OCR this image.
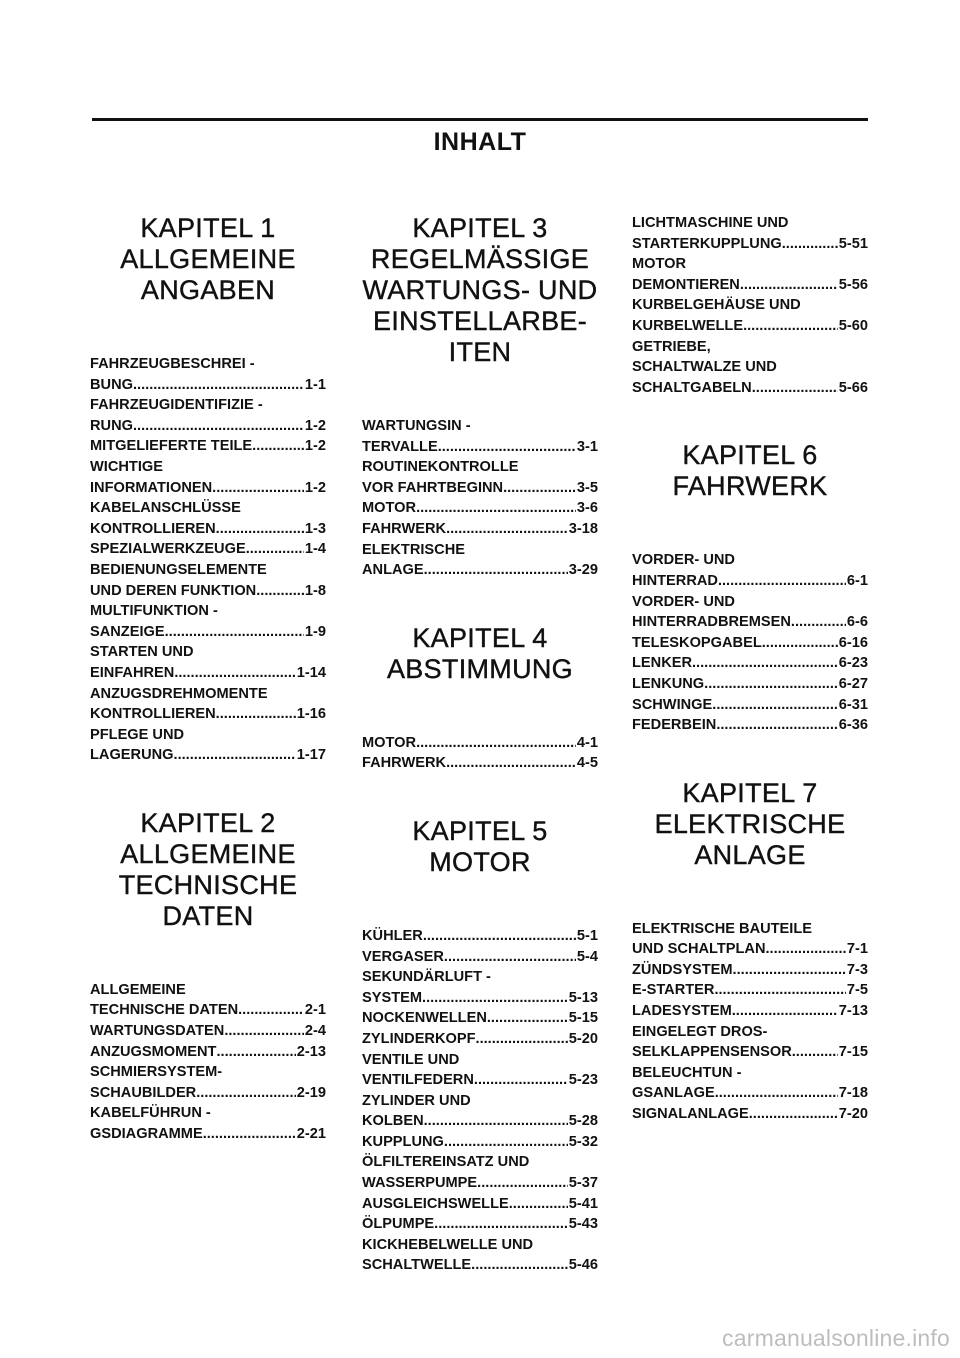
INHALT
KAPITEL 1
ALLGEMEINE
ANGABEN
FAHRZEUGBESCHREI -
BUNG .....	1-1
FAHRZEUGIDENTIFIZIE -
RUNG .....	1-2
MITGELIEFERTE TEILE .....	1-2
WICHTIGE
INFORMATIONEN .....	1-2
KABELANSCHLÜSSE
KONTROLLIEREN .....	1-3
SPEZIALWERKZEUGE .....	1-4
BEDIENUNGSELEMENTE
UND DEREN FUNKTION .....	1-8
MULTIFUNKTION -
SANZEIGE .....	1-9
STARTEN UND
EINFAHREN .....	1-14
ANZUGSDREHMOMENTE
KONTROLLIEREN .....	1-16
PFLEGE UND
LAGERUNG .....	1-17
KAPITEL 2
ALLGEMEINE
TECHNISCHE
DATEN
ALLGEMEINE
TECHNISCHE DATEN .....	2-1
WARTUNGSDATEN .....	2-4
ANZUGSMOMENT .....	2-13
SCHMIERSYSTEM-
SCHAUBILDER .....	2-19
KABELFÜHRUN -
GSDIAGRAMME .....	2-21
KAPITEL 3
REGELMÄSSIGE
WARTUNGS- UND
EINSTELLARBE-
ITEN
WARTUNGSIN -
TERVALLE .....	3-1
ROUTINEKONTROLLE
VOR FAHRTBEGINN .....	3-5
MOTOR .....	3-6
FAHRWERK .....	3-18
ELEKTRISCHE
ANLAGE .....	3-29
KAPITEL 4
ABSTIMMUNG
MOTOR .....	4-1
FAHRWERK .....	4-5
KAPITEL 5
MOTOR
KÜHLER .....	5-1
VERGASER .....	5-4
SEKUNDÄRLUFT -
SYSTEM .....	5-13
NOCKENWELLEN .....	5-15
ZYLINDERKOPF .....	5-20
VENTILE UND
VENTILFEDERN .....	5-23
ZYLINDER UND
KOLBEN .....	5-28
KUPPLUNG .....	5-32
ÖLFILTEREINSATZ UND
WASSERPUMPE .....	5-37
AUSGLEICHSWELLE .....	5-41
ÖLPUMPE .....	5-43
KICKHEBELWELLE UND
SCHALTWELLE .....	5-46
LICHTMASCHINE UND
STARTERKUPPLUNG .....	5-51
MOTOR
DEMONTIEREN .....	5-56
KURBELGEHÄUSE UND
KURBELWELLE .....	5-60
GETRIEBE,
SCHALTWALZE UND
SCHALTGABELN .....	5-66
KAPITEL 6
FAHRWERK
VORDER- UND
HINTERRAD .....	6-1
VORDER- UND
HINTERRADBREMSEN .....	6-6
TELESKOPGABEL .....	6-16
LENKER .....	6-23
LENKUNG .....	6-27
SCHWINGE .....	6-31
FEDERBEIN .....	6-36
KAPITEL 7
ELEKTRISCHE
ANLAGE
ELEKTRISCHE BAUTEILE
UND SCHALTPLAN .....	7-1
ZÜNDSYSTEM .....	7-3
E-STARTER .....	7-5
LADESYSTEM .....	7-13
EINGELEGT DROS-
SELKLAPPENSENSOR .....	7-15
BELEUCHTUN -
GSANLAGE .....	7-18
SIGNALANLAGE .....	7-20
carmanualsonline.info
